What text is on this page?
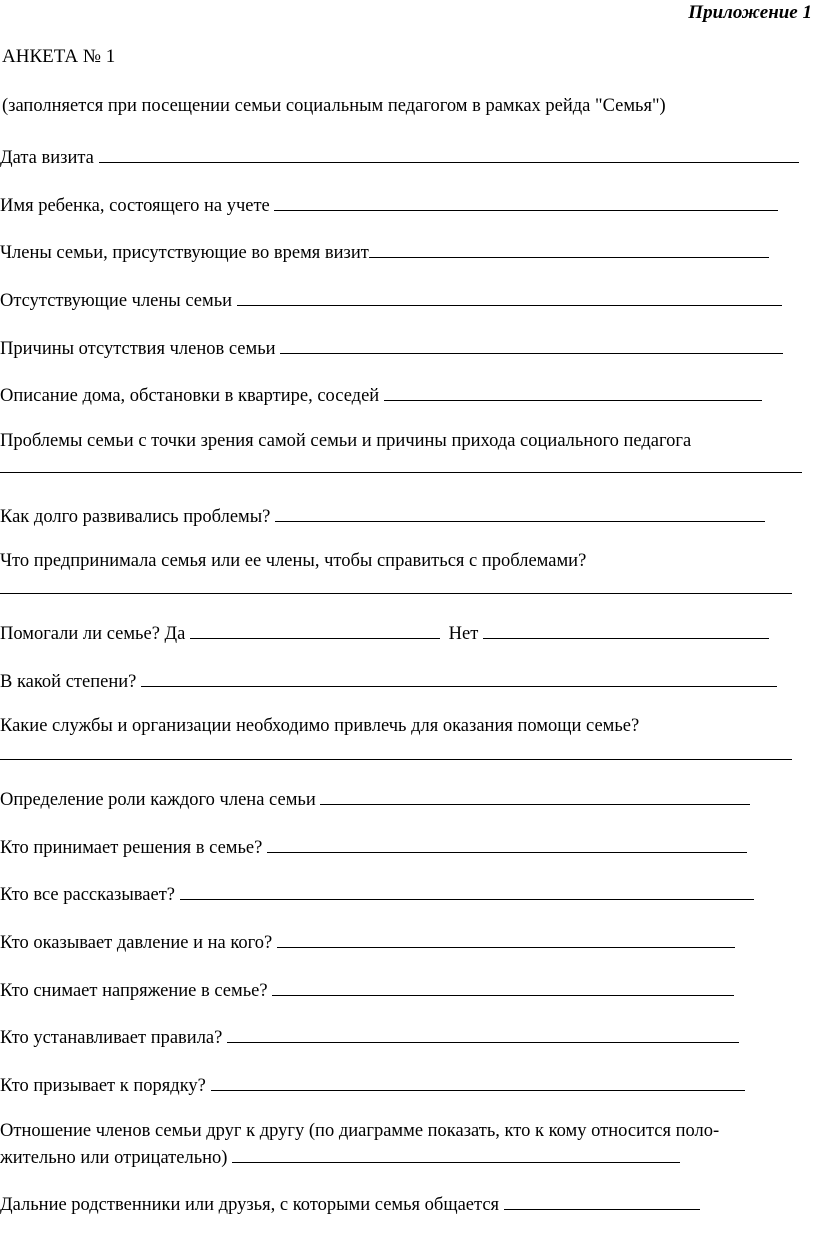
Приложение 1
АНКЕТА № 1
(заполняется при посещении семьи социальным педагогом в рамках рейда "Семья")
Дата визита
Имя ребенка, состоящего на учете
Члены семьи, присутствующие во время визит
Отсутствующие члены семьи
Причины отсутствия членов семьи
Описание дома, обстановки в квартире, соседей
Проблемы семьи с точки зрения самой семьи и причины прихода социального педагога
Как долго развивались проблемы?
Что предпринимала семья или ее члены, чтобы справиться с проблемами?
Помогали ли семье? Да	Нет
В какой степени?
Какие службы и организации необходимо привлечь для оказания помощи семье?
Определение роли каждого члена семьи
Кто принимает решения в семье?
Кто все рассказывает?
Кто оказывает давление и на кого?
Кто снимает напряжение в семье?
Кто устанавливает правила?
Кто призывает к порядку?
Отношение членов семьи друг к другу (по диаграмме показать, кто к кому относится поло-
жительно или отрицательно)
Дальние родственники или друзья, с которыми семья общается
